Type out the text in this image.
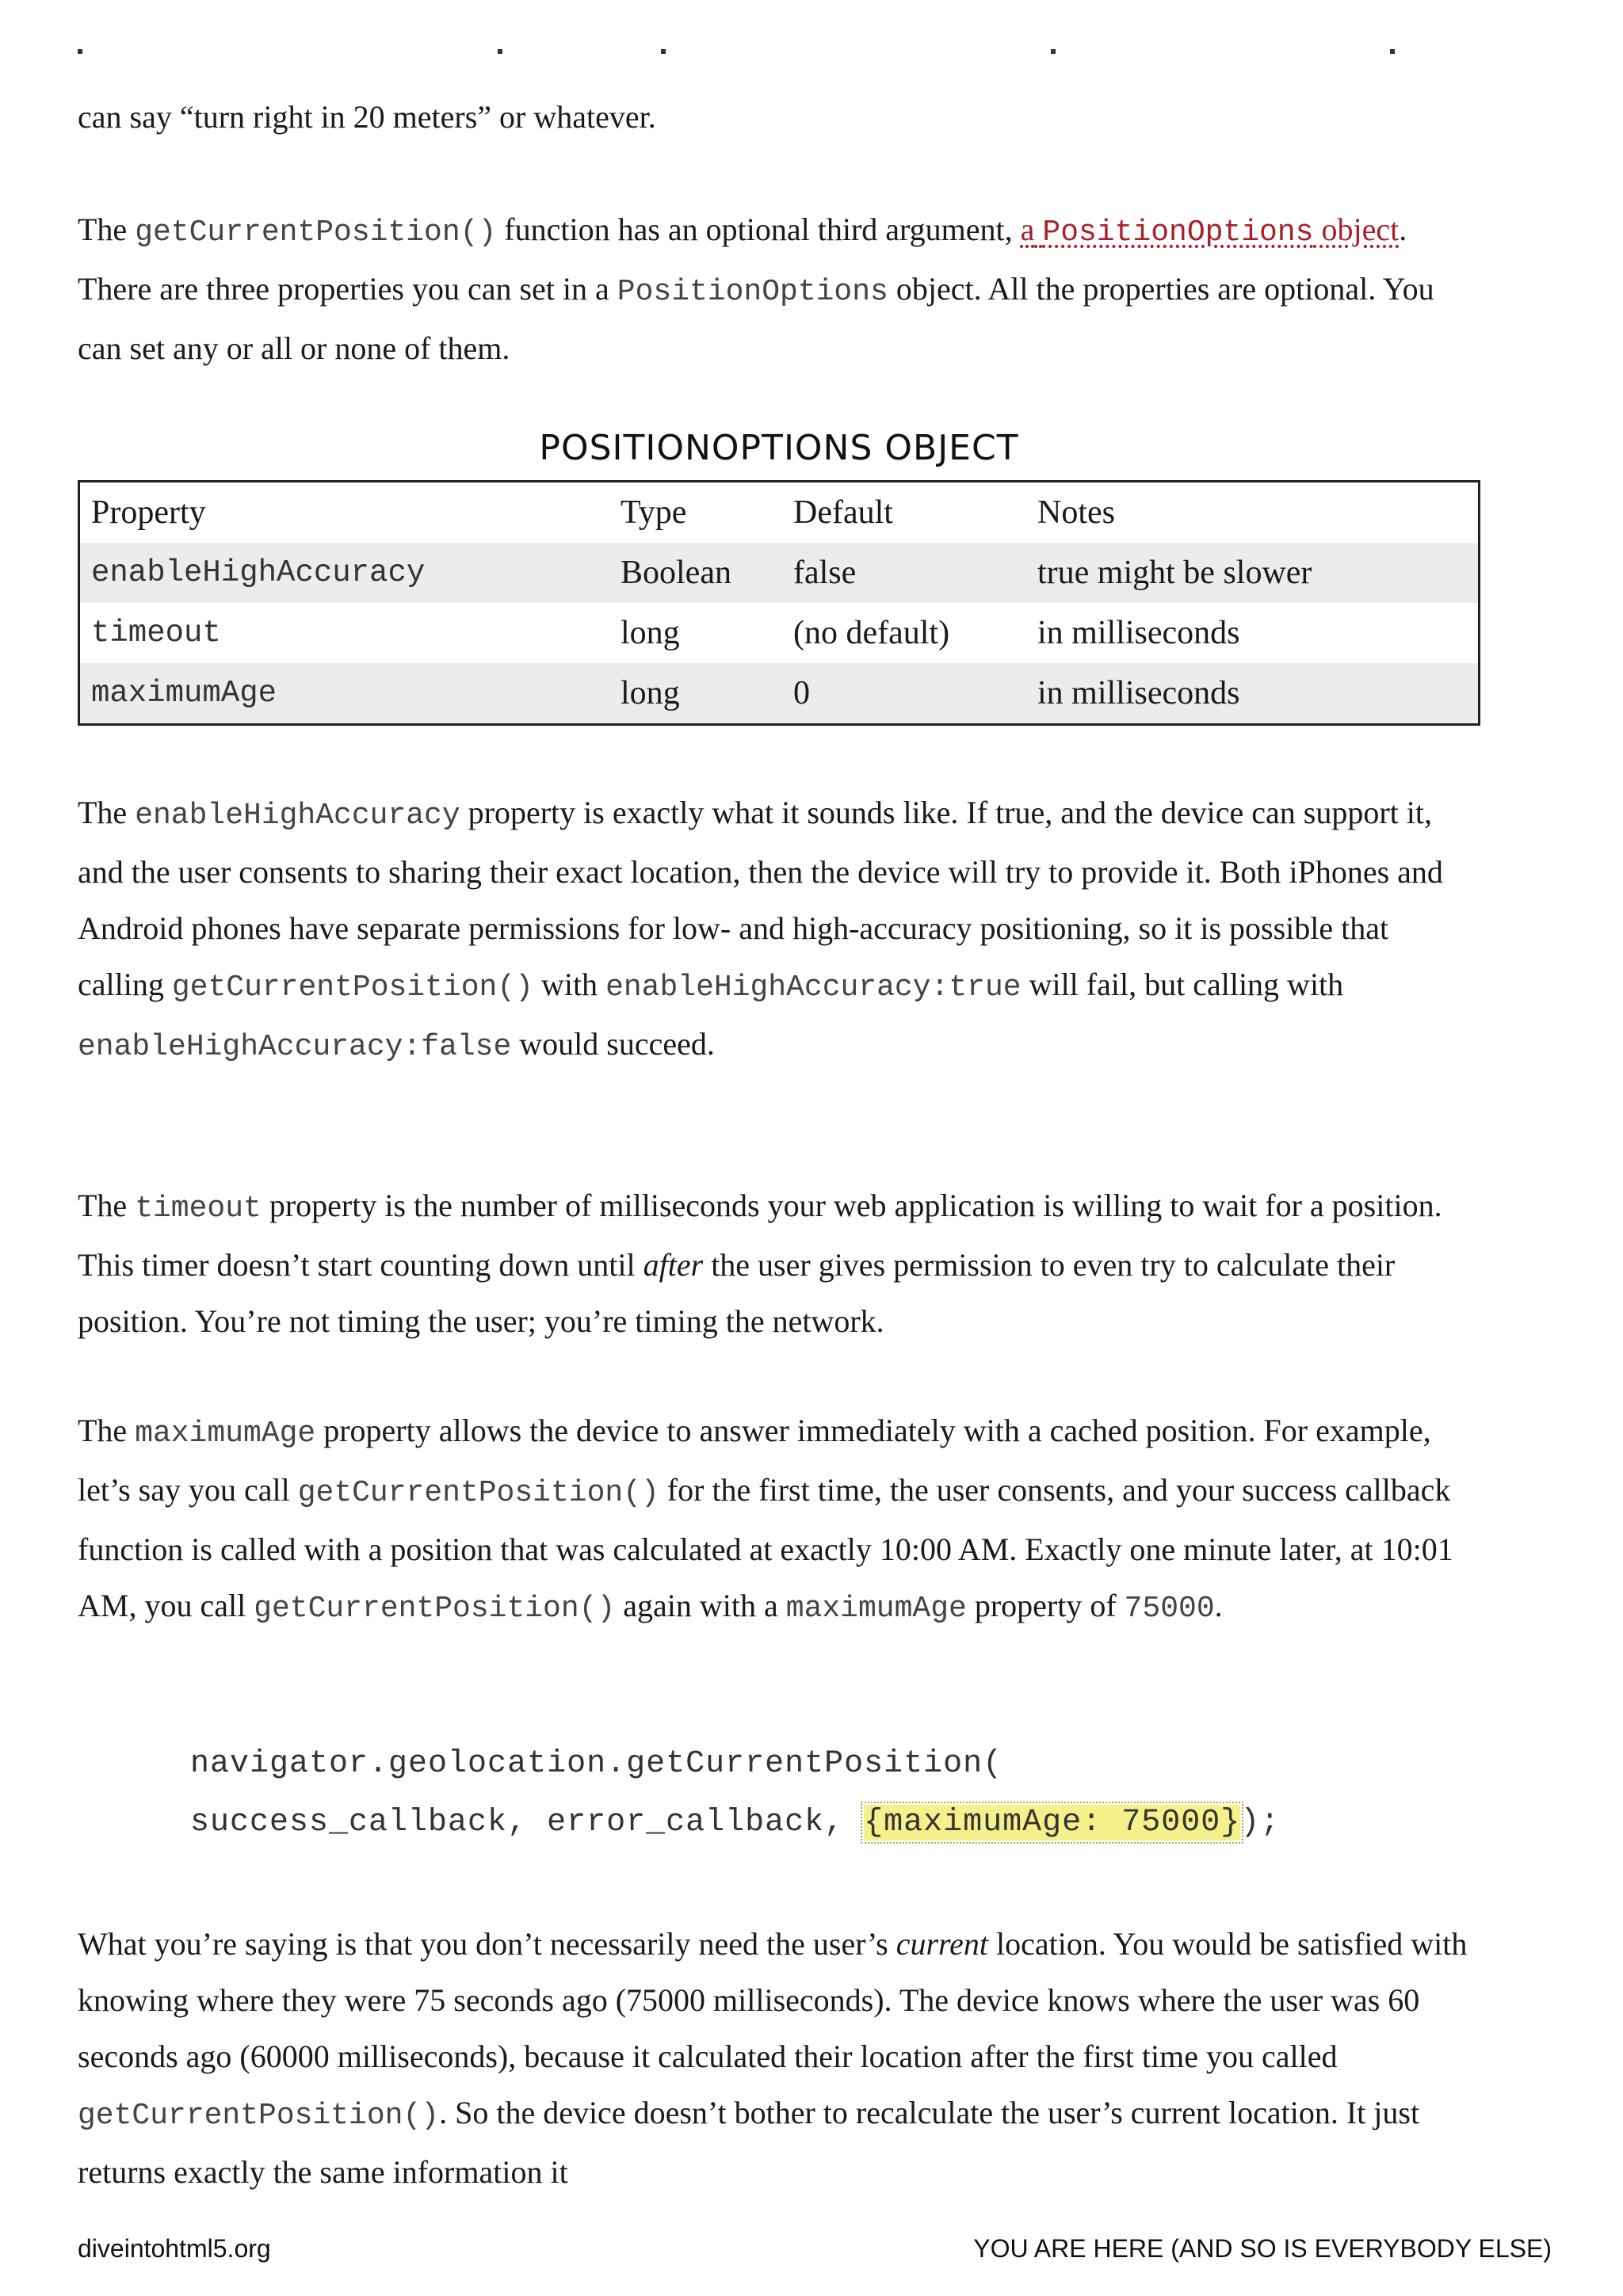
can say “turn right in 20 meters” or whatever.

The getCurrentPosition() function has an optional third argument, a PositionOptions object. There are three properties you can set in a PositionOptions object. All the properties are optional. You can set any or all or none of them.

POSITIONOPTIONS OBJECT
Property	Type	Default	Notes
enableHighAccuracy	Boolean	false	true might be slower
timeout	long	(no default)	in milliseconds
maximumAge	long	0	in milliseconds

The enableHighAccuracy property is exactly what it sounds like. If true, and the device can support it, and the user consents to sharing their exact location, then the device will try to provide it. Both iPhones and Android phones have separate permissions for low- and high-accuracy positioning, so it is possible that calling getCurrentPosition() with enableHighAccuracy:true will fail, but calling with enableHighAccuracy:false would succeed.

The timeout property is the number of milliseconds your web application is willing to wait for a position. This timer doesn’t start counting down until after the user gives permission to even try to calculate their position. You’re not timing the user; you’re timing the network.

The maximumAge property allows the device to answer immediately with a cached position. For example, let’s say you call getCurrentPosition() for the first time, the user consents, and your success callback function is called with a position that was calculated at exactly 10:00 AM. Exactly one minute later, at 10:01 AM, you call getCurrentPosition() again with a maximumAge property of 75000.

navigator.geolocation.getCurrentPosition(
success_callback, error_callback, {maximumAge: 75000});

What you’re saying is that you don’t necessarily need the user’s current location. You would be satisfied with knowing where they were 75 seconds ago (75000 milliseconds). The device knows where the user was 60 seconds ago (60000 milliseconds), because it calculated their location after the first time you called getCurrentPosition(). So the device doesn’t bother to recalculate the user’s current location. It just returns exactly the same information it

diveintohtml5.org	YOU ARE HERE (AND SO IS EVERYBODY ELSE)
